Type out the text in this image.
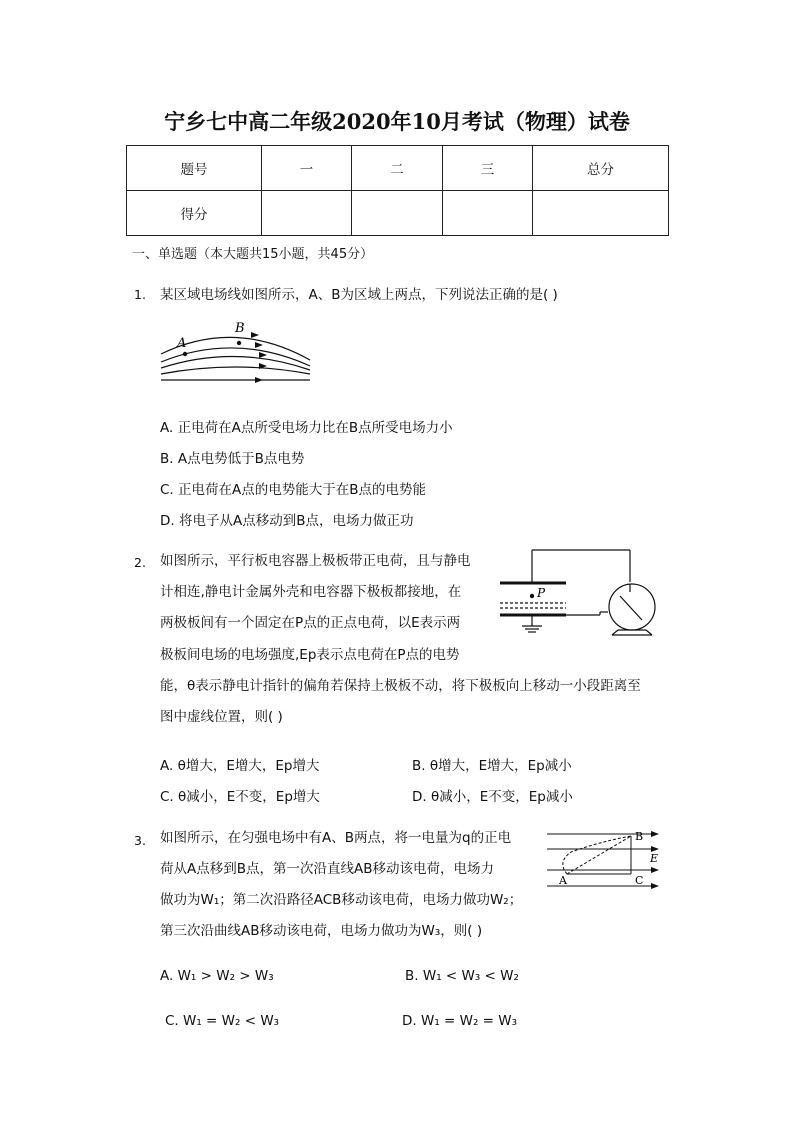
宁乡七中高二年级2020年10月考试（物理）试卷
题号	一	二	三	总分
得分				
一、单选题（本大题共15小题，共45分）
1. 某区域电场线如图所示，A、B为区域上两点，下列说法正确的是( )
A
B
A. 正电荷在A点所受电场力比在B点所受电场力小
B. A点电势低于B点电势
C. 正电荷在A点的电势能大于在B点的电势能
D. 将电子从A点移动到B点，电场力做正功
2. 如图所示，平行板电容器上极板带正电荷，且与静电
计相连,静电计金属外壳和电容器下极板都接地，在
两极板间有一个固定在P点的正点电荷，以E表示两
极板间电场的电场强度,Ep表示点电荷在P点的电势
能，θ表示静电计指针的偏角若保持上极板不动，将下极板向上移动一小段距离至
图中虚线位置，则( )
P
A. θ增大，E增大，Ep增大	B. θ增大，E增大，Ep减小
C. θ减小，E不变，Ep增大	D. θ减小，E不变，Ep减小
3. 如图所示，在匀强电场中有A、B两点，将一电量为q的正电
荷从A点移到B点，第一次沿直线AB移动该电荷，电场力
做功为W₁；第二次沿路径ACB移动该电荷，电场力做功W₂；
第三次沿曲线AB移动该电荷，电场力做功为W₃，则( )
B
E
A	C
A. W₁ > W₂ > W₃	B. W₁ < W₃ < W₂
C. W₁ = W₂ < W₃	D. W₁ = W₂ = W₃
